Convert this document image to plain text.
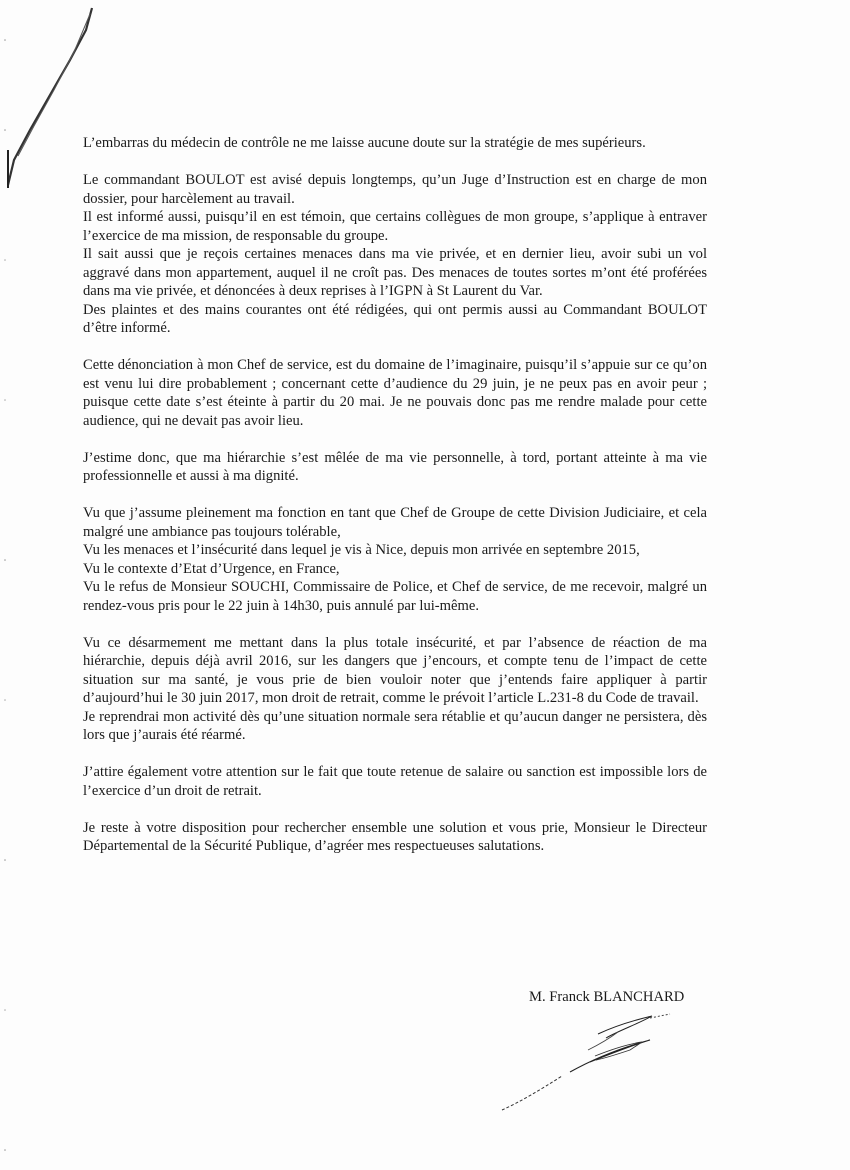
L’embarras du médecin de contrôle ne me laisse aucune doute sur la stratégie de mes supérieurs.

Le commandant BOULOT est avisé depuis longtemps, qu’un Juge d’Instruction est en charge de mon dossier, pour harcèlement au travail.

Il est informé aussi, puisqu’il en est témoin, que certains collègues de mon groupe, s’applique à entraver l’exercice de ma mission, de responsable du groupe.

Il sait aussi que je reçois certaines menaces dans ma vie privée, et en dernier lieu, avoir subi un vol aggravé dans mon appartement, auquel il ne croît pas. Des menaces de toutes sortes m’ont été proférées dans ma vie privée, et dénoncées à deux reprises à l’IGPN à St Laurent du Var.

Des plaintes et des mains courantes ont été rédigées, qui ont permis aussi au Commandant BOULOT d’être informé.

Cette dénonciation à mon Chef de service, est du domaine de l’imaginaire, puisqu’il s’appuie sur ce qu’on est venu lui dire probablement ; concernant cette d’audience du 29 juin, je ne peux pas en avoir peur ; puisque cette date s’est éteinte à partir du 20 mai. Je ne pouvais donc pas me rendre malade pour cette audience, qui ne devait pas avoir lieu.

J’estime donc, que ma hiérarchie s’est mêlée de ma vie personnelle, à tord, portant atteinte à ma vie professionnelle et aussi à ma dignité.

Vu que j’assume pleinement ma fonction en tant que Chef de Groupe de cette Division Judiciaire, et cela malgré une ambiance pas toujours tolérable,

Vu les menaces et l’insécurité dans lequel je vis à Nice, depuis mon arrivée en septembre 2015,

Vu le contexte d’Etat d’Urgence, en France,

Vu le refus de Monsieur SOUCHI, Commissaire de Police, et Chef de service, de me recevoir, malgré un rendez-vous pris pour le 22 juin à 14h30, puis annulé par lui-même.

Vu ce désarmement me mettant dans la plus totale insécurité, et par l’absence de réaction de ma hiérarchie, depuis déjà avril 2016, sur les dangers que j’encours, et compte tenu de l’impact de cette situation sur ma santé, je vous prie de bien vouloir noter que j’entends faire appliquer à partir d’aujourd’hui le 30 juin 2017, mon droit de retrait, comme le prévoit l’article L.231-8 du Code de travail.

Je reprendrai mon activité dès qu’une situation normale sera rétablie et qu’aucun danger ne persistera, dès lors que j’aurais été réarmé.

J’attire également votre attention sur le fait que toute retenue de salaire ou sanction est impossible lors de l’exercice d’un droit de retrait.

Je reste à votre disposition pour rechercher ensemble une solution et vous prie, Monsieur le Directeur Départemental de la Sécurité Publique, d’agréer mes respectueuses salutations.

M. Franck BLANCHARD
